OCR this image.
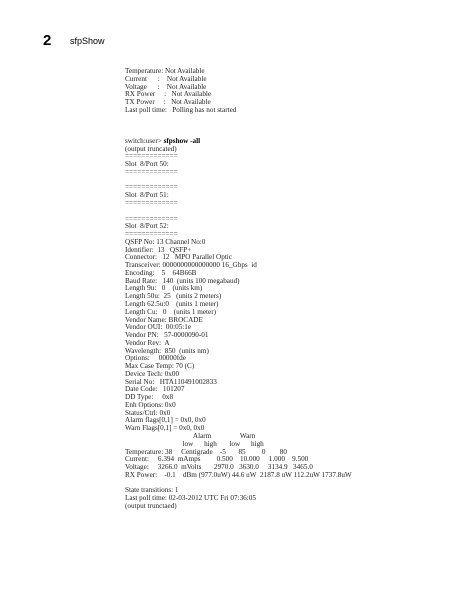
2 sfpShow
Temperature: Not Available
Current      :    Not Available
Voltage      :    Not Available
RX Power     :   Not Available
TX Power     :   Not Available
Last poll time:   Polling has not started
switch:user> sfpshow -all
(output truncated)
=============
Slot  8/Port 50:
=============
=============
Slot  8/Port 51:
=============
=============
Slot  8/Port 52:
=============
QSFP No: 13 Channel No:0
Identifier:  13   QSFP+
Connector:   12   MPO Parallel Optic
Transceiver: 0000000000000000 16_Gbps  id
Encoding:    5    64B66B
Baud Rate:   140  (units 100 megabaud)
Length 9u:   0    (units km)
Length 50u:  25   (units 2 meters)
Length 62.5u:0    (units 1 meter)
Length Cu:   0    (units 1 meter)
Vendor Name: BROCADE
Vendor OUI:  00:05:1e
Vendor PN:   57-0000090-01
Vendor Rev:  A
Wavelength:  850  (units nm)
Options:     00000fde
Max Case Temp: 70 (C)
Device Tech: 0x00
Serial No:   HTA110491002833
Date Code:   101207
DD Type:     0x8
Enh Options: 0x0
Status/Ctrl: 0x0
Alarm flags[0,1] = 0x0, 0x0
Warn Flags[0,1] = 0x0, 0x0
Alarm                Warn
low      high       low      high
Temperature: 38     Centigrade    -5       85         0        80
Current:     6.394  mAmps         0.500    10.000     1.000    9.500
Voltage:     3266.0  mVolts       2970.0   3630.0     3134.9   3465.0
RX Power:    -0.1    dBm (977.0uW) 44.6 uW  2187.8 uW 112.2uW 1737.8uW
State transitions: 1
Last poll time: 02-03-2012 UTC Fri 07:36:05
(output trunctaed)
